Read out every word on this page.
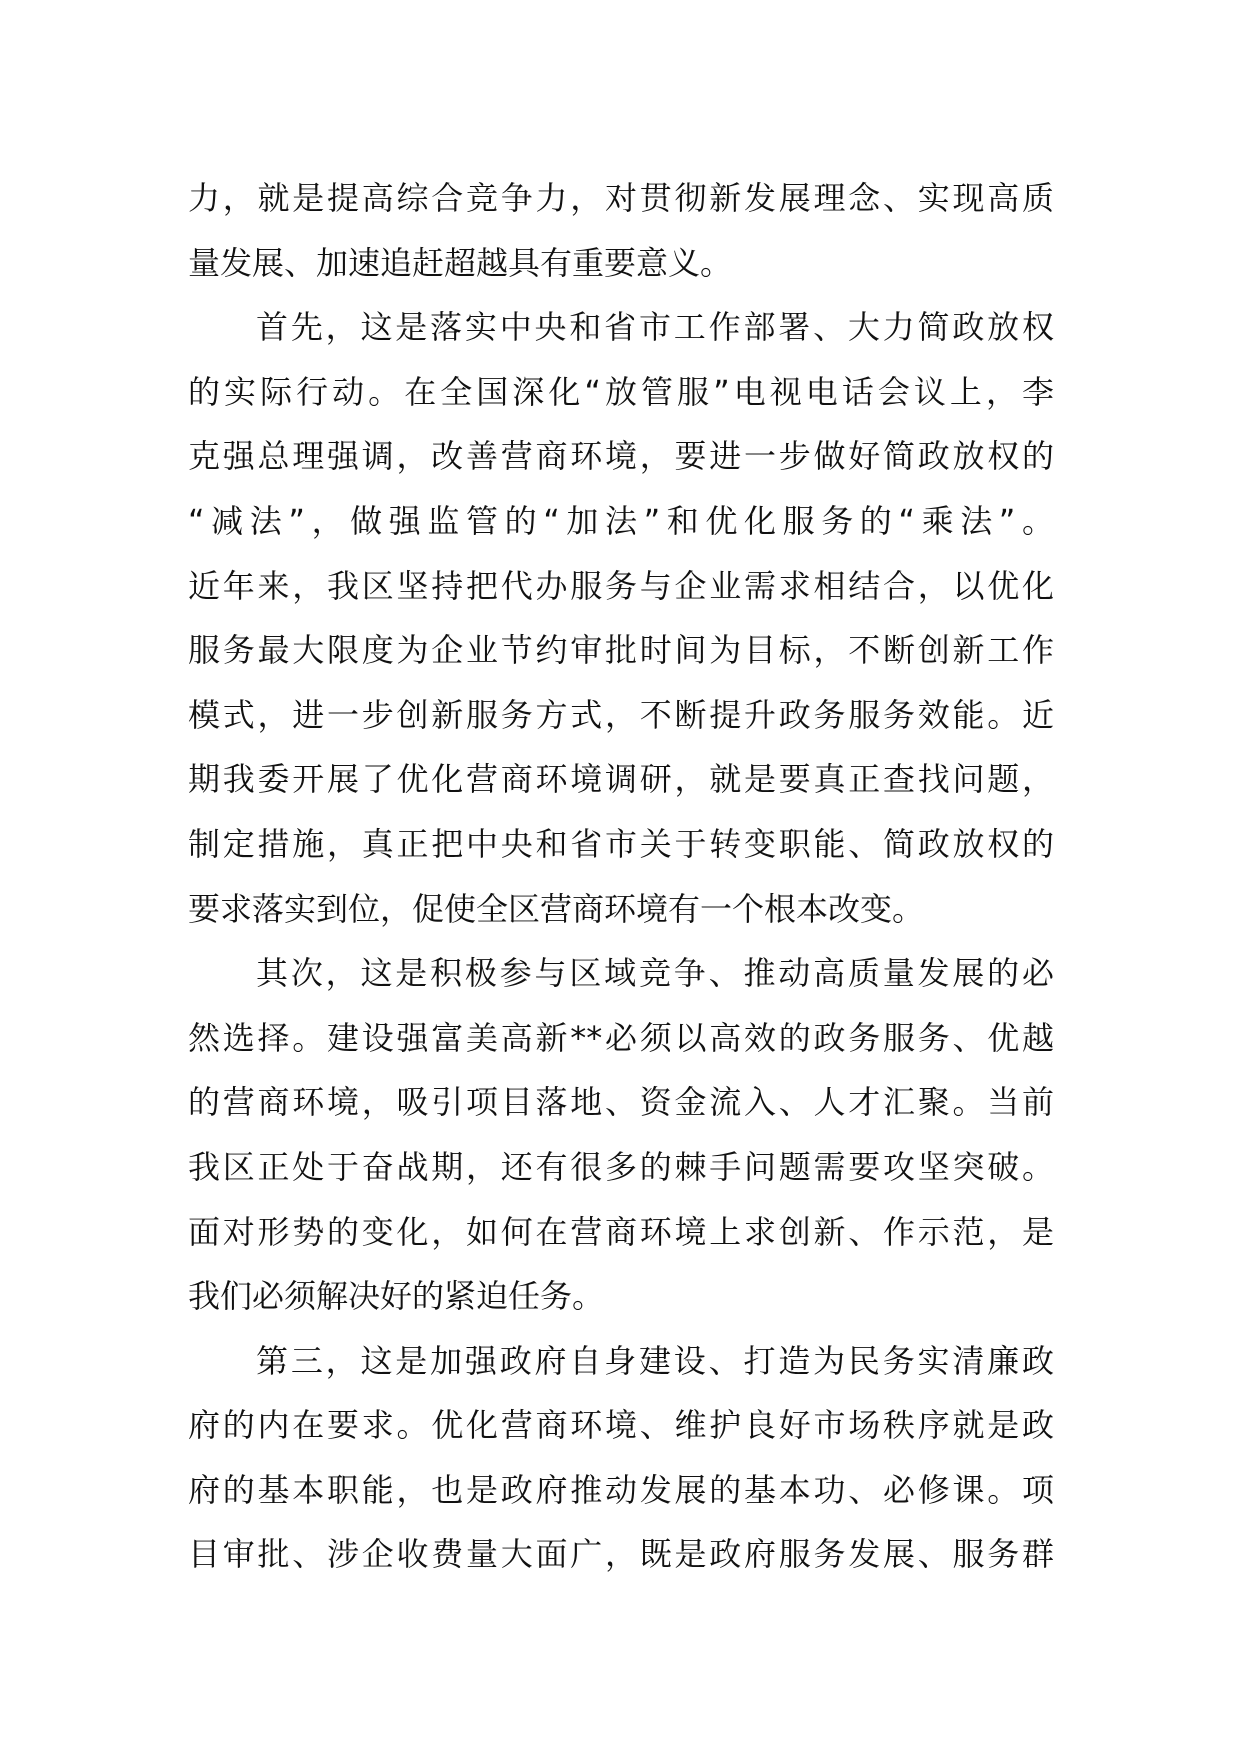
力，就是提高综合竞争力，对贯彻新发展理念、实现高质
量发展、加速追赶超越具有重要意义。
首先，这是落实中央和省市工作部署、大力简政放权
的实际行动。在全国深化“放管服”电视电话会议上，李
克强总理强调，改善营商环境，要进一步做好简政放权的
“减法”，做强监管的“加法”和优化服务的“乘法”。
近年来，我区坚持把代办服务与企业需求相结合，以优化
服务最大限度为企业节约审批时间为目标，不断创新工作
模式，进一步创新服务方式，不断提升政务服务效能。近
期我委开展了优化营商环境调研，就是要真正查找问题，
制定措施，真正把中央和省市关于转变职能、简政放权的
要求落实到位，促使全区营商环境有一个根本改变。
其次，这是积极参与区域竞争、推动高质量发展的必
然选择。建设强富美高新**必须以高效的政务服务、优越
的营商环境，吸引项目落地、资金流入、人才汇聚。当前
我区正处于奋战期，还有很多的棘手问题需要攻坚突破。
面对形势的变化，如何在营商环境上求创新、作示范，是
我们必须解决好的紧迫任务。
第三，这是加强政府自身建设、打造为民务实清廉政
府的内在要求。优化营商环境、维护良好市场秩序就是政
府的基本职能，也是政府推动发展的基本功、必修课。项
目审批、涉企收费量大面广，既是政府服务发展、服务群
